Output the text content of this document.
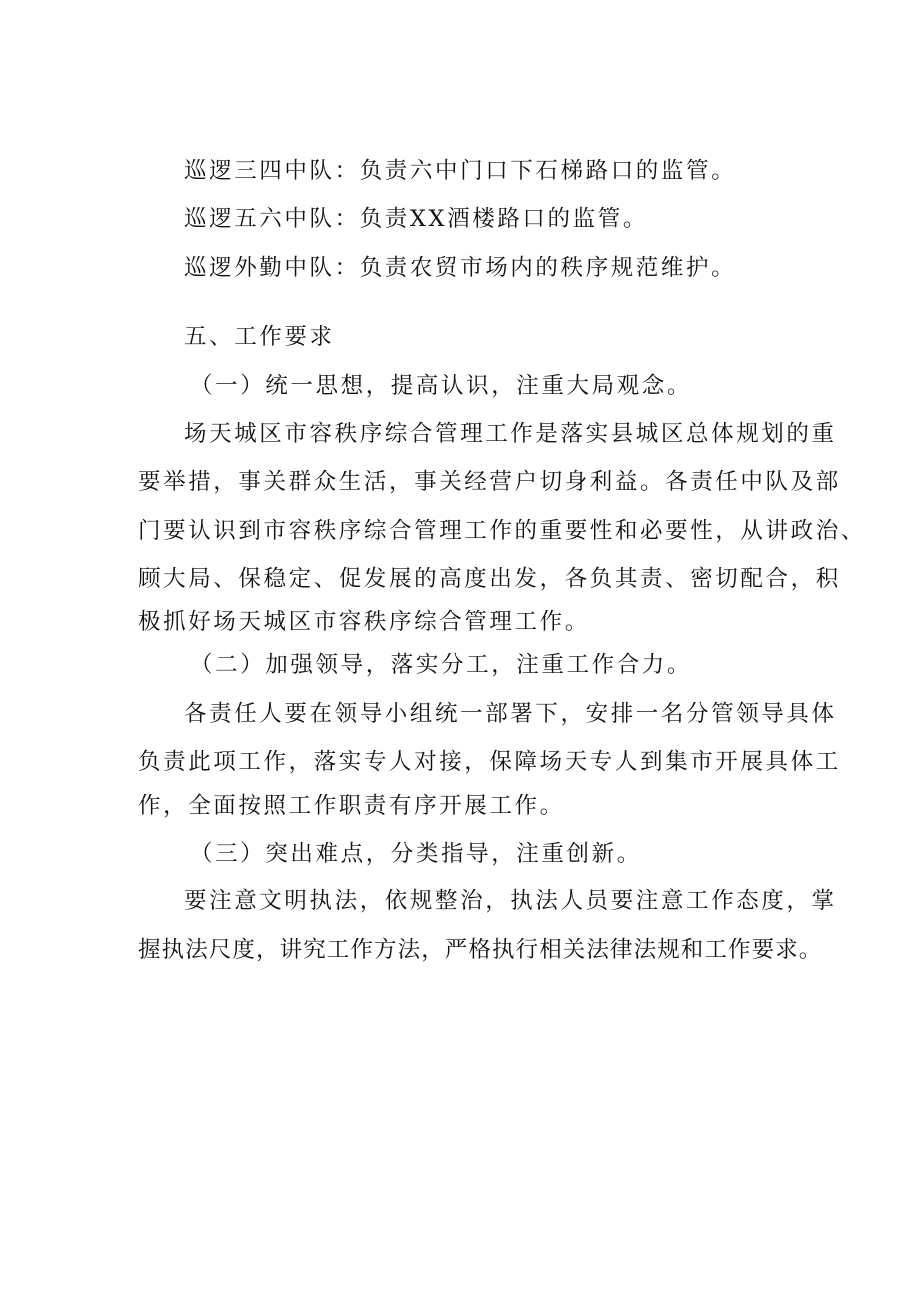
巡逻三四中队：负责六中门口下石梯路口的监管。

巡逻五六中队：负责XX酒楼路口的监管。

巡逻外勤中队：负责农贸市场内的秩序规范维护。

五、工作要求

（一）统一思想，提高认识，注重大局观念。

场天城区市容秩序综合管理工作是落实县城区总体规划的重

要举措，事关群众生活，事关经营户切身利益。各责任中队及部

门要认识到市容秩序综合管理工作的重要性和必要性，从讲政治、

顾大局、保稳定、促发展的高度出发，各负其责、密切配合，积

极抓好场天城区市容秩序综合管理工作。

（二）加强领导，落实分工，注重工作合力。

各责任人要在领导小组统一部署下，安排一名分管领导具体

负责此项工作，落实专人对接，保障场天专人到集市开展具体工

作，全面按照工作职责有序开展工作。

（三）突出难点，分类指导，注重创新。

要注意文明执法，依规整治，执法人员要注意工作态度，掌

握执法尺度，讲究工作方法，严格执行相关法律法规和工作要求。
